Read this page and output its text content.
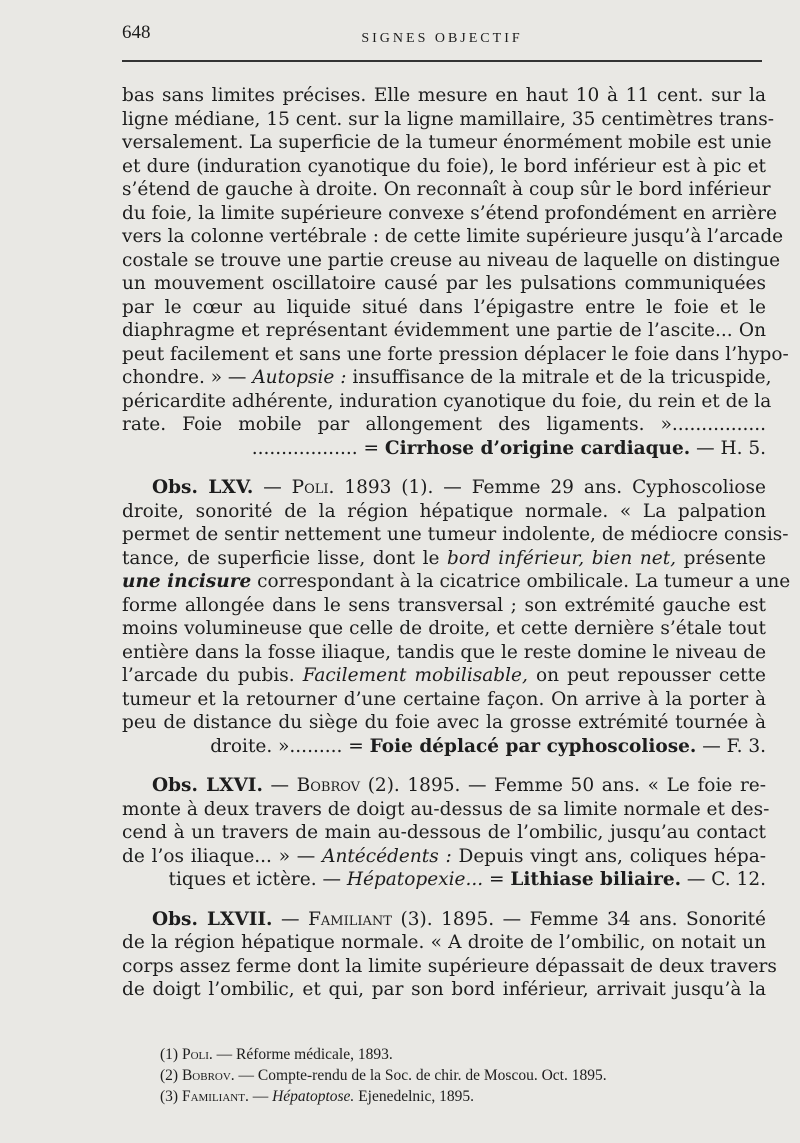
648	SIGNES OBJECTIF
bas sans limites précises. Elle mesure en haut 10 à 11 cent. sur la
ligne médiane, 15 cent. sur la ligne mamillaire, 35 centimètres trans-
versalement. La superficie de la tumeur énormément mobile est unie
et dure (induration cyanotique du foie), le bord inférieur est à pic et
s’étend de gauche à droite. On reconnaît à coup sûr le bord inférieur
du foie, la limite supérieure convexe s’étend profondément en arrière
vers la colonne vertébrale : de cette limite supérieure jusqu’à l’arcade
costale se trouve une partie creuse au niveau de laquelle on distingue
un mouvement oscillatoire causé par les pulsations communiquées
par le cœur au liquide situé dans l’épigastre entre le foie et le
diaphragme et représentant évidemment une partie de l’ascite... On
peut facilement et sans une forte pression déplacer le foie dans l’hypo-
chondre. » — Autopsie : insuffisance de la mitrale et de la tricuspide,
péricardite adhérente, induration cyanotique du foie, du rein et de la
rate. Foie mobile par allongement des ligaments. »................
.................. = Cirrhose d’origine cardiaque. — H. 5.
Obs. LXV. — Poli. 1893 (1). — Femme 29 ans. Cyphoscoliose
droite, sonorité de la région hépatique normale. « La palpation
permet de sentir nettement une tumeur indolente, de médiocre consis-
tance, de superficie lisse, dont le bord inférieur, bien net, présente
une incisure correspondant à la cicatrice ombilicale. La tumeur a une
forme allongée dans le sens transversal ; son extrémité gauche est
moins volumineuse que celle de droite, et cette dernière s’étale tout
entière dans la fosse iliaque, tandis que le reste domine le niveau de
l’arcade du pubis. Facilement mobilisable, on peut repousser cette
tumeur et la retourner d’une certaine façon. On arrive à la porter à
peu de distance du siège du foie avec la grosse extrémité tournée à
droite. »......... = Foie déplacé par cyphoscoliose. — F. 3.
Obs. LXVI. — Bobrov (2). 1895. — Femme 50 ans. « Le foie re-
monte à deux travers de doigt au-dessus de sa limite normale et des-
cend à un travers de main au-dessous de l’ombilic, jusqu’au contact
de l’os iliaque... » — Antécédents : Depuis vingt ans, coliques hépa-
tiques et ictère. — Hépatopexie... = Lithiase biliaire. — C. 12.
Obs. LXVII. — Familiant (3). 1895. — Femme 34 ans. Sonorité
de la région hépatique normale. « A droite de l’ombilic, on notait un
corps assez ferme dont la limite supérieure dépassait de deux travers
de doigt l’ombilic, et qui, par son bord inférieur, arrivait jusqu’à la
(1) Poli. — Réforme médicale, 1893.
(2) Bobrov. — Compte-rendu de la Soc. de chir. de Moscou. Oct. 1895.
(3) Familiant. — Hépatoptose. Ejenedelnic, 1895.
